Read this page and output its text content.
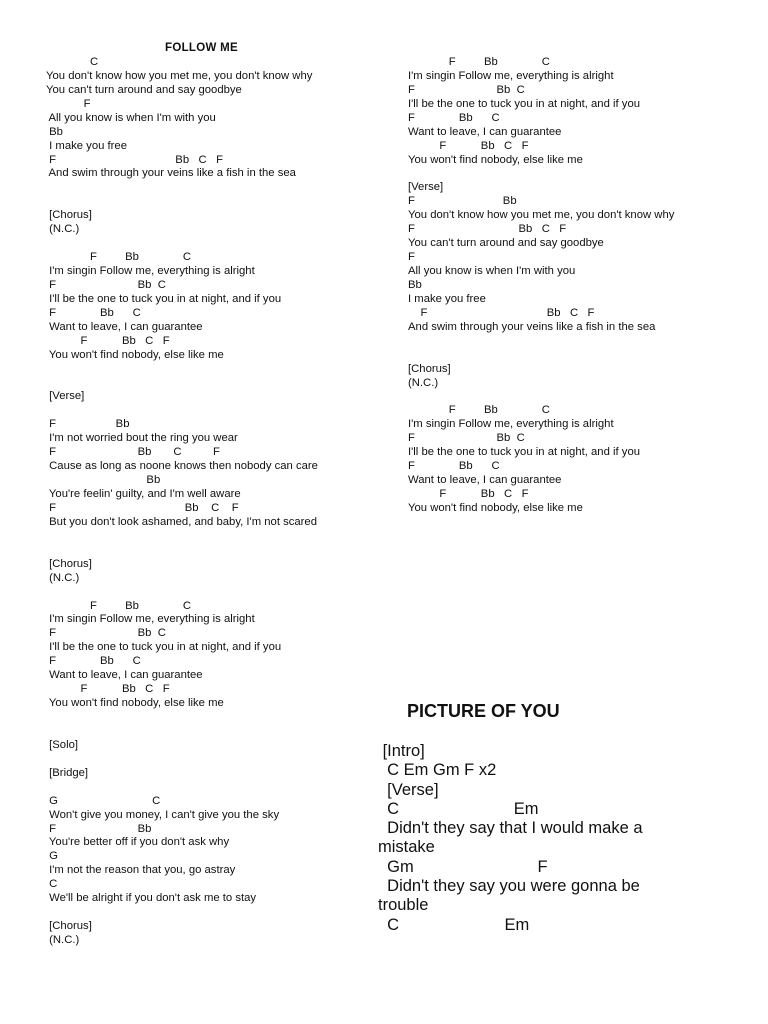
FOLLOW ME
C
You don't know how you met me, you don't know why
You can't turn around and say goodbye
F
All you know is when I'm with you
Bb
I make you free
F                                      Bb   C   F
And swim through your veins like a fish in the sea
[Chorus]
(N.C.)
F         Bb              C
I'm singin Follow me, everything is alright
F                          Bb  C
I'll be the one to tuck you in at night, and if you
F              Bb      C
Want to leave, I can guarantee
F           Bb   C   F
You won't find nobody, else like me
[Verse]
F                   Bb
I'm not worried bout the ring you wear
F                          Bb       C          F
Cause as long as noone knows then nobody can care
Bb
You're feelin' guilty, and I'm well aware
F                                         Bb    C    F
But you don't look ashamed, and baby, I'm not scared
[Chorus]
(N.C.)
F         Bb              C
I'm singin Follow me, everything is alright
F                          Bb  C
I'll be the one to tuck you in at night, and if you
F              Bb      C
Want to leave, I can guarantee
F           Bb   C   F
You won't find nobody, else like me
[Solo]
[Bridge]
G                              C
Won't give you money, I can't give you the sky
F                          Bb
You're better off if you don't ask why
G
I'm not the reason that you, go astray
C
We'll be alright if you don't ask me to stay
[Chorus]
(N.C.)
F         Bb              C
I'm singin Follow me, everything is alright
F                          Bb  C
I'll be the one to tuck you in at night, and if you
F              Bb      C
Want to leave, I can guarantee
F           Bb   C   F
You won't find nobody, else like me
[Verse]
F                            Bb
You don't know how you met me, you don't know why
F                                 Bb   C   F
You can't turn around and say goodbye
F
All you know is when I'm with you
Bb
I make you free
F                                      Bb   C   F
And swim through your veins like a fish in the sea
[Chorus]
(N.C.)
F         Bb              C
I'm singin Follow me, everything is alright
F                          Bb  C
I'll be the one to tuck you in at night, and if you
F              Bb      C
Want to leave, I can guarantee
F           Bb   C   F
You won't find nobody, else like me
PICTURE OF YOU
[Intro]
C Em Gm F x2
[Verse]
C                         Em
Didn't they say that I would make a
mistake
Gm                           F
Didn't they say you were gonna be
trouble
C                       Em
